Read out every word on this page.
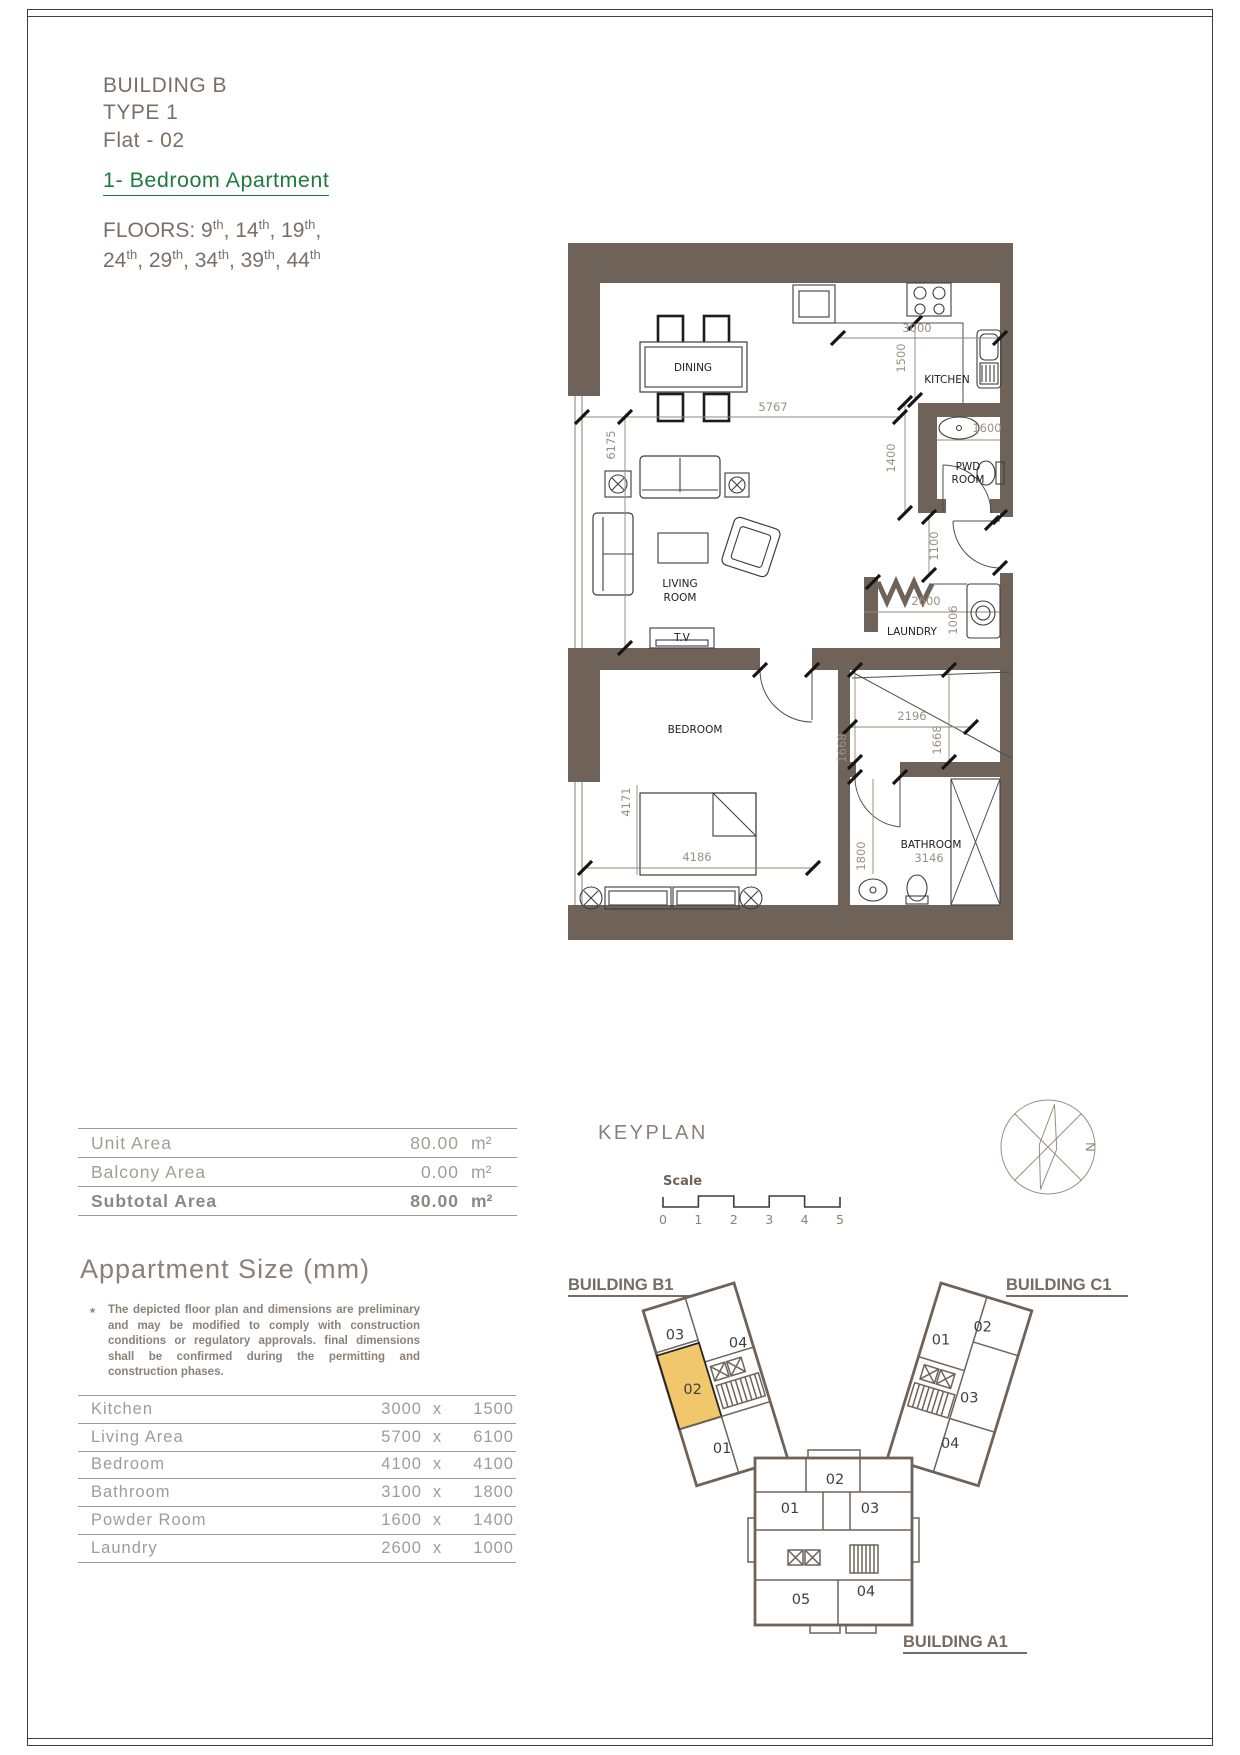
BUILDING B
TYPE 1
Flat - 02
1- Bedroom Apartment
FLOORS: 9th, 14th, 19th,
24th, 29th, 34th, 39th, 44th
DINING
KITCHEN
PWD
ROOM
LIVING
ROOM
LAUNDRY
T.V
BEDROOM
BATHROOM
5767
6175
3000
1500
1600
1400
1100
2600
1006
2196
1668	1668
4171
4186	3146
1800
Unit Area	80.00 m²
Balcony Area	0.00 m²
Subtotal Area	80.00 m²
Appartment Size (mm)
* The depicted floor plan and dimensions are preliminary and may be modified to comply with construction conditions or regulatory approvals. final dimensions shall be confirmed during the permitting and construction phases.
Kitchen	3000 x	1500
Living Area	5700 x	6100
Bedroom	4100 x	4100
Bathroom	3100 x	1800
Powder Room	1600 x	1400
Laundry	2600 x	1000
KEYPLAN
Scale
0 1 2 3 4 5
N
BUILDING B1
03	04
02
01
BUILDING C1
01
02
03
04
02
01	03
05	04
BUILDING A1
